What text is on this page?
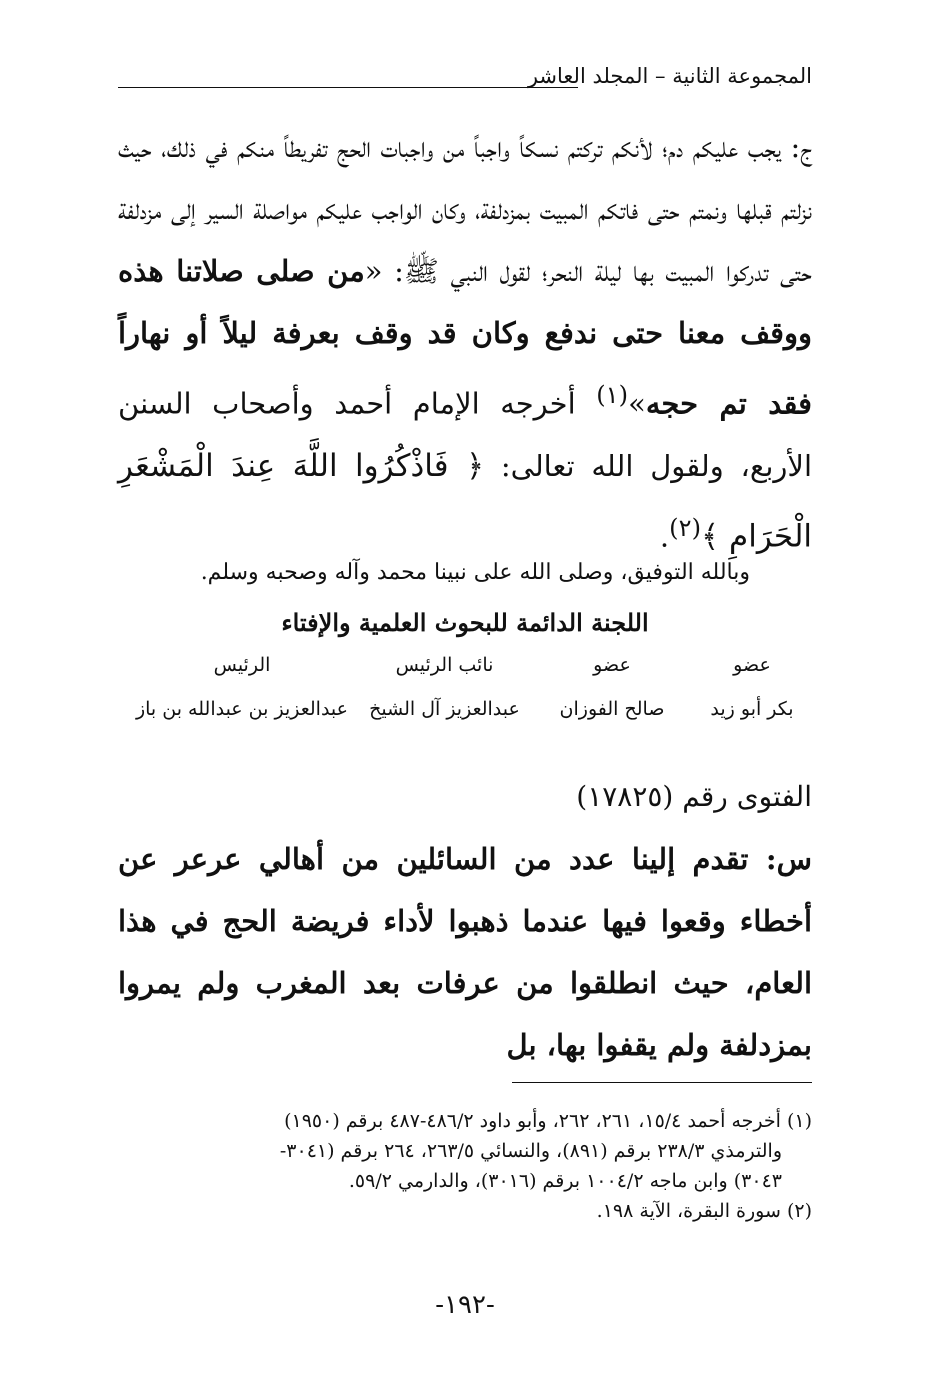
المجموعة الثانية – المجلد العاشر
ج: يجب عليكم دم؛ لأنكم تركتم نسكاً واجباً من واجبات الحج تفريطاً منكم في ذلك، حيث نزلتم قبلها ونمتم حتى فاتكم المبيت بمزدلفة، وكان الواجب عليكم مواصلة السير إلى مزدلفة حتى تدركوا المبيت بها ليلة النحر؛ لقول النبي ﷺ: «من صلى صلاتنا هذه ووقف معنا حتى ندفع وكان قد وقف بعرفة ليلاً أو نهاراً فقد تم حجه»$^{(١)}$ أخرجه الإمام أحمد وأصحاب السنن الأربع، ولقول الله تعالى: ﴿ فَاذْكُرُوا اللَّهَ عِندَ الْمَشْعَرِ الْحَرَامِ ﴾$^{(٢)}$.
وبالله التوفيق، وصلى الله على نبينا محمد وآله وصحبه وسلم.
اللجنة الدائمة للبحوث العلمية والإفتاء
عضو
عضو
نائب الرئيس
الرئيس
بكر أبو زيد
صالح الفوزان
عبدالعزيز آل الشيخ
عبدالعزيز بن عبدالله بن باز
الفتوى رقم (١٧٨٢٥)
س: تقدم إلينا عدد من السائلين من أهالي عرعر عن أخطاء وقعوا فيها عندما ذهبوا لأداء فريضة الحج في هذا العام، حيث انطلقوا من عرفات بعد المغرب ولم يمروا بمزدلفة ولم يقفوا بها، بل

(١) أخرجه أحمد ١٥/٤، ٢٦١، ٢٦٢، وأبو داود ٤٨٦/٢-٤٨٧ برقم (١٩٥٠)

والترمذي ٢٣٨/٣ برقم (٨٩١)، والنسائي ٢٦٣/٥، ٢٦٤ برقم (٣٠٤١-

٣٠٤٣) وابن ماجه ١٠٠٤/٢ برقم (٣٠١٦)، والدارمي ٥٩/٢.

(٢) سورة البقرة، الآية ١٩٨.

-١٩٢-
